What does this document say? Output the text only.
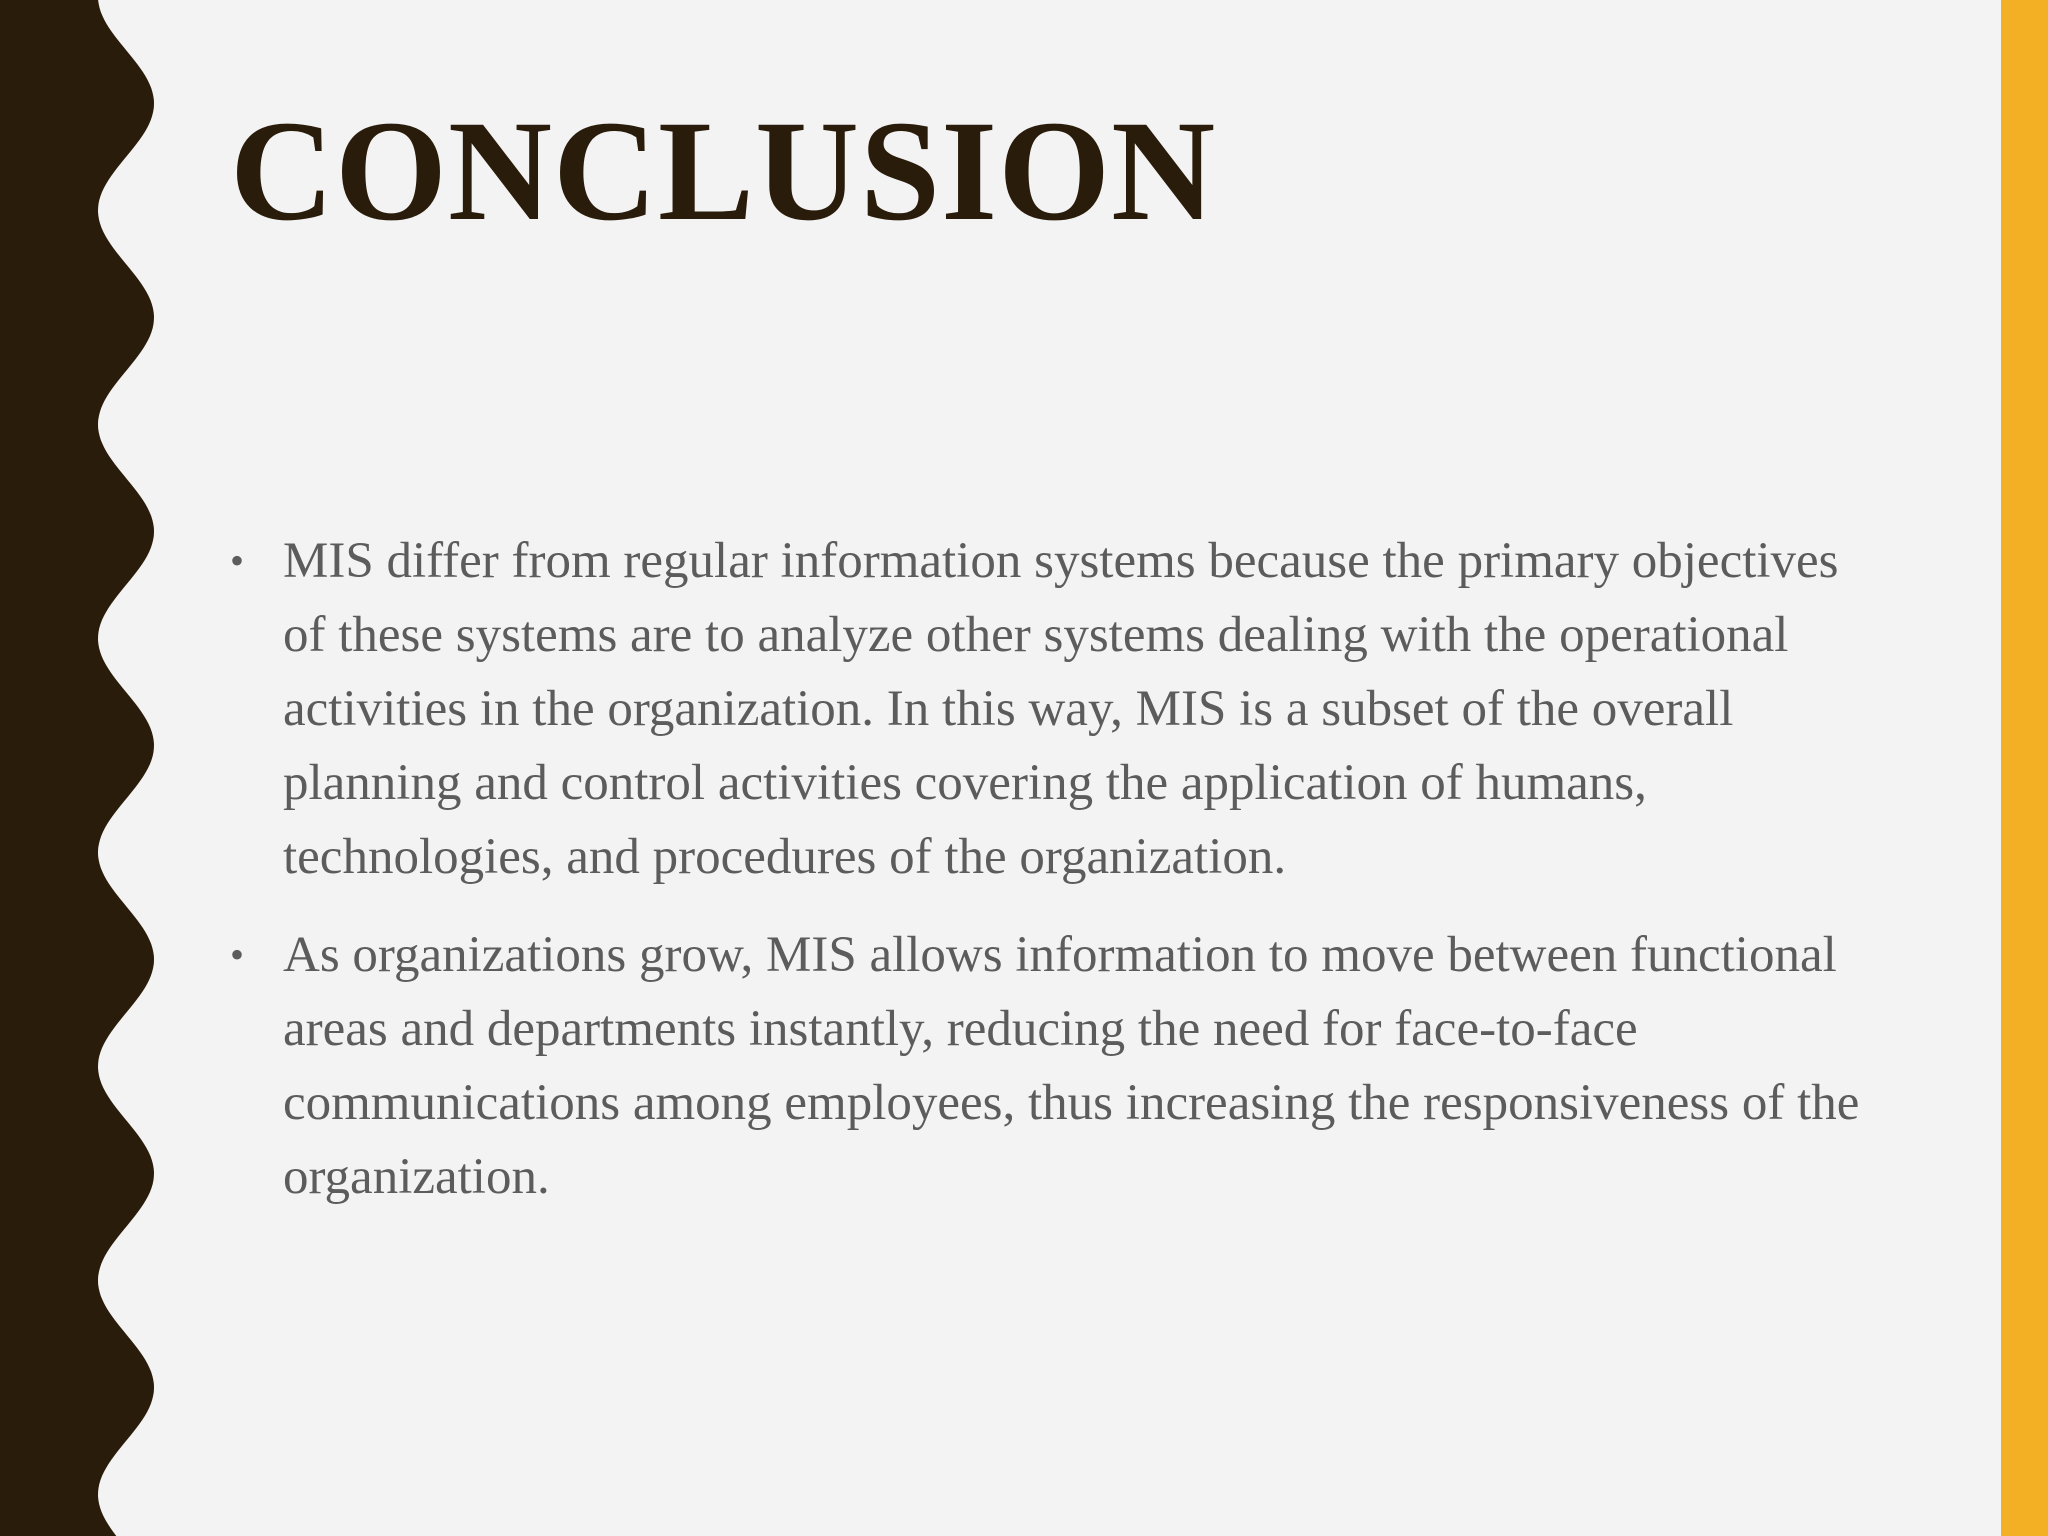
CONCLUSION
• MIS differ from regular information systems because the primary objectives of these systems are to analyze other systems dealing with the operational activities in the organization. In this way, MIS is a subset of the overall planning and control activities covering the application of humans, technologies, and procedures of the organization.
• As organizations grow, MIS allows information to move between functional areas and departments instantly, reducing the need for face-to-face communications among employees, thus increasing the responsiveness of the organization.
